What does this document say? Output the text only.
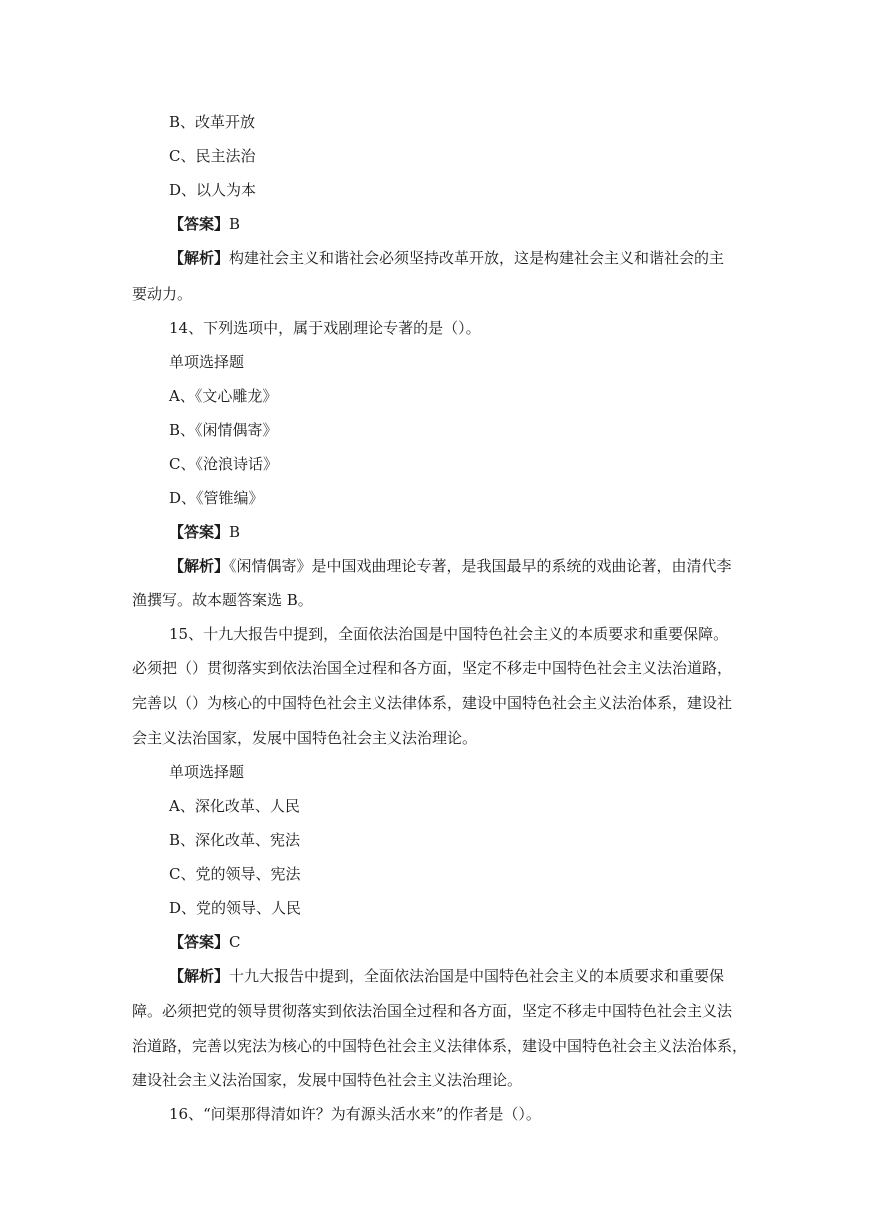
B、改革开放
C、民主法治
D、以人为本
【答案】B
【解析】构建社会主义和谐社会必须坚持改革开放，这是构建社会主义和谐社会的主
要动力。
14、下列选项中，属于戏剧理论专著的是（）。
单项选择题
A、《文心雕龙》
B、《闲情偶寄》
C、《沧浪诗话》
D、《管锥编》
【答案】B
【解析】《闲情偶寄》是中国戏曲理论专著，是我国最早的系统的戏曲论著，由清代李
渔撰写。故本题答案选 B。
15、十九大报告中提到，全面依法治国是中国特色社会主义的本质要求和重要保障。
必须把（）贯彻落实到依法治国全过程和各方面，坚定不移走中国特色社会主义法治道路，
完善以（）为核心的中国特色社会主义法律体系，建设中国特色社会主义法治体系，建设社
会主义法治国家，发展中国特色社会主义法治理论。
单项选择题
A、深化改革、人民
B、深化改革、宪法
C、党的领导、宪法
D、党的领导、人民
【答案】C
【解析】十九大报告中提到，全面依法治国是中国特色社会主义的本质要求和重要保
障。必须把党的领导贯彻落实到依法治国全过程和各方面，坚定不移走中国特色社会主义法
治道路，完善以宪法为核心的中国特色社会主义法律体系，建设中国特色社会主义法治体系，
建设社会主义法治国家，发展中国特色社会主义法治理论。
16、“问渠那得清如许？为有源头活水来”的作者是（）。
